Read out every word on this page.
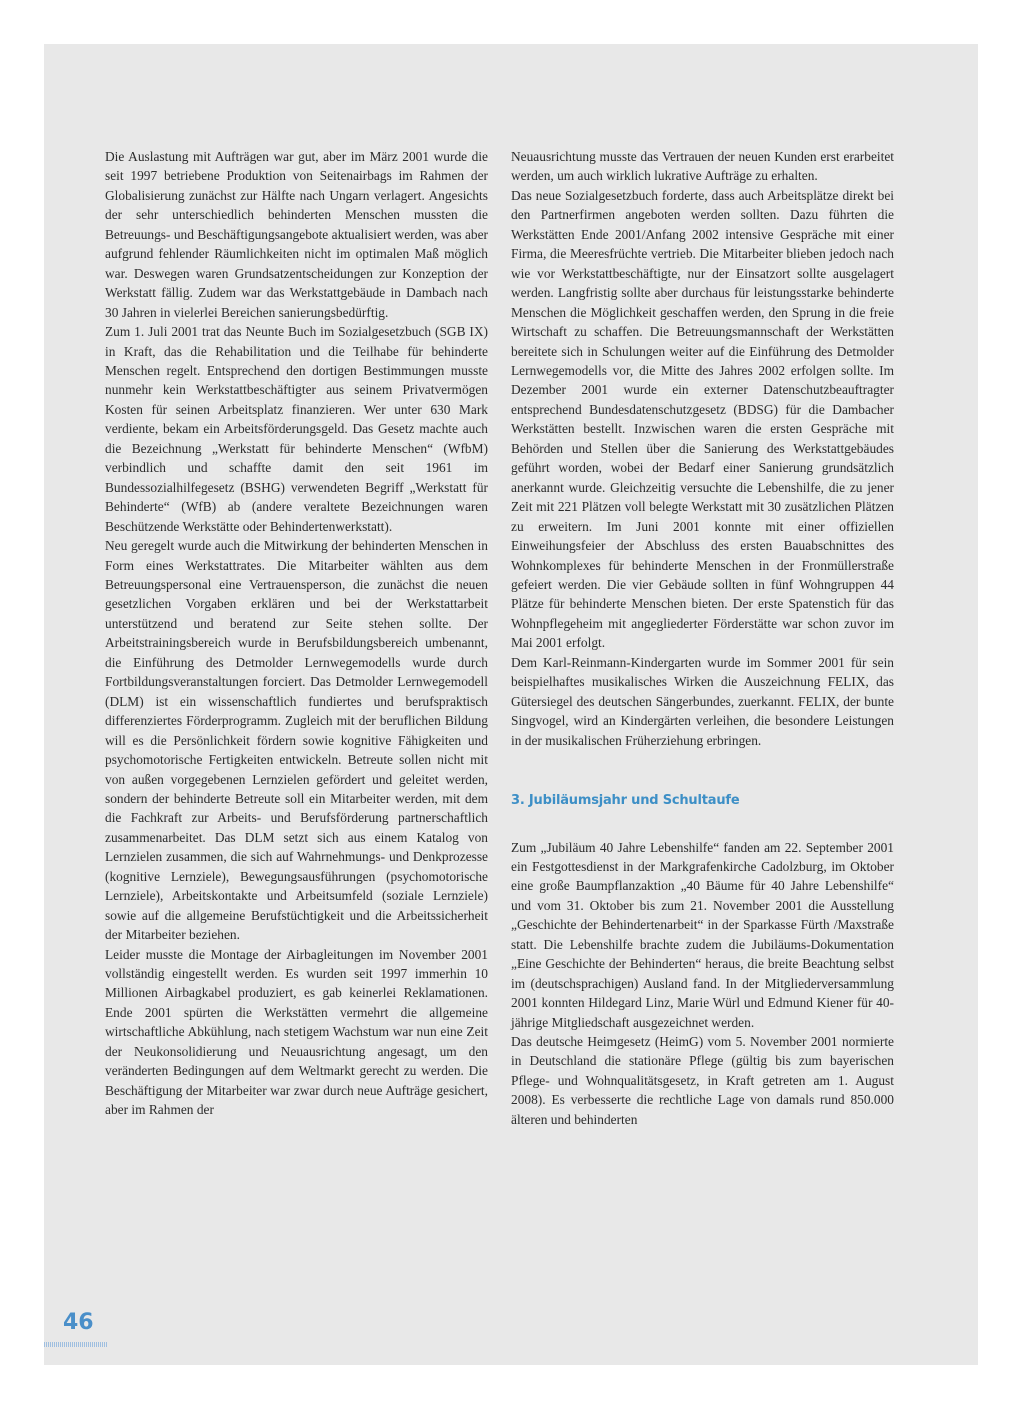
Die Auslastung mit Aufträgen war gut, aber im März 2001 wurde die seit 1997 betriebene Produktion von Seitenairbags im Rahmen der Globalisierung zunächst zur Hälfte nach Ungarn verlagert. Angesichts der sehr unterschiedlich behinderten Menschen mussten die Betreuungs- und Beschäftigungsangebote aktualisiert werden, was aber aufgrund fehlender Räumlichkeiten nicht im optimalen Maß möglich war. Deswegen waren Grundsatzentscheidungen zur Konzeption der Werkstatt fällig. Zudem war das Werkstattgebäude in Dambach nach 30 Jahren in vielerlei Bereichen sanierungsbedürftig.

Zum 1. Juli 2001 trat das Neunte Buch im Sozialgesetzbuch (SGB IX) in Kraft, das die Rehabilitation und die Teilhabe für behinderte Menschen regelt. Entsprechend den dortigen Bestimmungen musste nunmehr kein Werkstattbeschäftigter aus seinem Privatvermögen Kosten für seinen Arbeitsplatz finanzieren. Wer unter 630 Mark verdiente, bekam ein Arbeitsförderungsgeld. Das Gesetz machte auch die Bezeichnung „Werkstatt für behinderte Menschen“ (WfbM) verbindlich und schaffte damit den seit 1961 im Bundessozialhilfegesetz (BSHG) verwendeten Begriff „Werkstatt für Behinderte“ (WfB) ab (andere veraltete Bezeichnungen waren Beschützende Werkstätte oder Behindertenwerkstatt).

Neu geregelt wurde auch die Mitwirkung der behinderten Menschen in Form eines Werkstattrates. Die Mitarbeiter wählten aus dem Betreuungspersonal eine Vertrauensperson, die zunächst die neuen gesetzlichen Vorgaben erklären und bei der Werkstattarbeit unterstützend und beratend zur Seite stehen sollte. Der Arbeitstrainingsbereich wurde in Berufsbildungsbereich umbenannt, die Einführung des Detmolder Lernwegemodells wurde durch Fortbildungsveranstaltungen forciert. Das Detmolder Lernwegemodell (DLM) ist ein wissenschaftlich fundiertes und berufspraktisch differenziertes Förderprogramm. Zugleich mit der beruflichen Bildung will es die Persönlichkeit fördern sowie kognitive Fähigkeiten und psychomotorische Fertigkeiten entwickeln. Betreute sollen nicht mit von außen vorgegebenen Lernzielen gefördert und geleitet werden, sondern der behinderte Betreute soll ein Mitarbeiter werden, mit dem die Fachkraft zur Arbeits- und Berufsförderung partnerschaftlich zusammenarbeitet. Das DLM setzt sich aus einem Katalog von Lernzielen zusammen, die sich auf Wahrnehmungs- und Denkprozesse (kognitive Lernziele), Bewegungsausführungen (psychomotorische Lernziele), Arbeitskontakte und Arbeitsumfeld (soziale Lernziele) sowie auf die allgemeine Berufstüchtigkeit und die Arbeitssicherheit der Mitarbeiter beziehen.

Leider musste die Montage der Airbagleitungen im November 2001 vollständig eingestellt werden. Es wurden seit 1997 immerhin 10 Millionen Airbagkabel produziert, es gab keinerlei Reklamationen. Ende 2001 spürten die Werkstätten vermehrt die allgemeine wirtschaftliche Abkühlung, nach stetigem Wachstum war nun eine Zeit der Neukonsolidierung und Neuausrichtung angesagt, um den veränderten Bedingungen auf dem Weltmarkt gerecht zu werden. Die Beschäftigung der Mitarbeiter war zwar durch neue Aufträge gesichert, aber im Rahmen der

Neuausrichtung musste das Vertrauen der neuen Kunden erst erarbeitet werden, um auch wirklich lukrative Aufträge zu erhalten.

Das neue Sozialgesetzbuch forderte, dass auch Arbeitsplätze direkt bei den Partnerfirmen angeboten werden sollten. Dazu führten die Werkstätten Ende 2001/Anfang 2002 intensive Gespräche mit einer Firma, die Meeresfrüchte vertrieb. Die Mitarbeiter blieben jedoch nach wie vor Werkstattbeschäftigte, nur der Einsatzort sollte ausgelagert werden. Langfristig sollte aber durchaus für leistungsstarke behinderte Menschen die Möglichkeit geschaffen werden, den Sprung in die freie Wirtschaft zu schaffen. Die Betreuungsmannschaft der Werkstätten bereitete sich in Schulungen weiter auf die Einführung des Detmolder Lernwegemodells vor, die Mitte des Jahres 2002 erfolgen sollte. Im Dezember 2001 wurde ein externer Datenschutzbeauftragter entsprechend Bundesdatenschutzgesetz (BDSG) für die Dambacher Werkstätten bestellt. Inzwischen waren die ersten Gespräche mit Behörden und Stellen über die Sanierung des Werkstattgebäudes geführt worden, wobei der Bedarf einer Sanierung grundsätzlich anerkannt wurde. Gleichzeitig versuchte die Lebenshilfe, die zu jener Zeit mit 221 Plätzen voll belegte Werkstatt mit 30 zusätzlichen Plätzen zu erweitern. Im Juni 2001 konnte mit einer offiziellen Einweihungsfeier der Abschluss des ersten Bauabschnittes des Wohnkomplexes für behinderte Menschen in der Fronmüllerstraße gefeiert werden. Die vier Gebäude sollten in fünf Wohngruppen 44 Plätze für behinderte Menschen bieten. Der erste Spatenstich für das Wohnpflegeheim mit angegliederter Förderstätte war schon zuvor im Mai 2001 erfolgt.

Dem Karl-Reinmann-Kindergarten wurde im Sommer 2001 für sein beispielhaftes musikalisches Wirken die Auszeichnung FELIX, das Gütersiegel des deutschen Sängerbundes, zuerkannt. FELIX, der bunte Singvogel, wird an Kindergärten verleihen, die besondere Leistungen in der musikalischen Früherziehung erbringen.

3. Jubiläumsjahr und Schultaufe

Zum „Jubiläum 40 Jahre Lebenshilfe“ fanden am 22. September 2001 ein Festgottesdienst in der Markgrafenkirche Cadolzburg, im Oktober eine große Baumpflanzaktion „40 Bäume für 40 Jahre Lebenshilfe“ und vom 31. Oktober bis zum 21. November 2001 die Ausstellung „Geschichte der Behindertenarbeit“ in der Sparkasse Fürth /Maxstraße statt. Die Lebenshilfe brachte zudem die Jubiläums-Dokumentation „Eine Geschichte der Behinderten“ heraus, die breite Beachtung selbst im (deutschsprachigen) Ausland fand. In der Mitgliederversammlung 2001 konnten Hildegard Linz, Marie Würl und Edmund Kiener für 40-jährige Mitgliedschaft ausgezeichnet werden.

Das deutsche Heimgesetz (HeimG) vom 5. November 2001 normierte in Deutschland die stationäre Pflege (gültig bis zum bayerischen Pflege- und Wohnqualitätsgesetz, in Kraft getreten am 1. August 2008). Es verbesserte die rechtliche Lage von damals rund 850.000 älteren und behinderten

46
